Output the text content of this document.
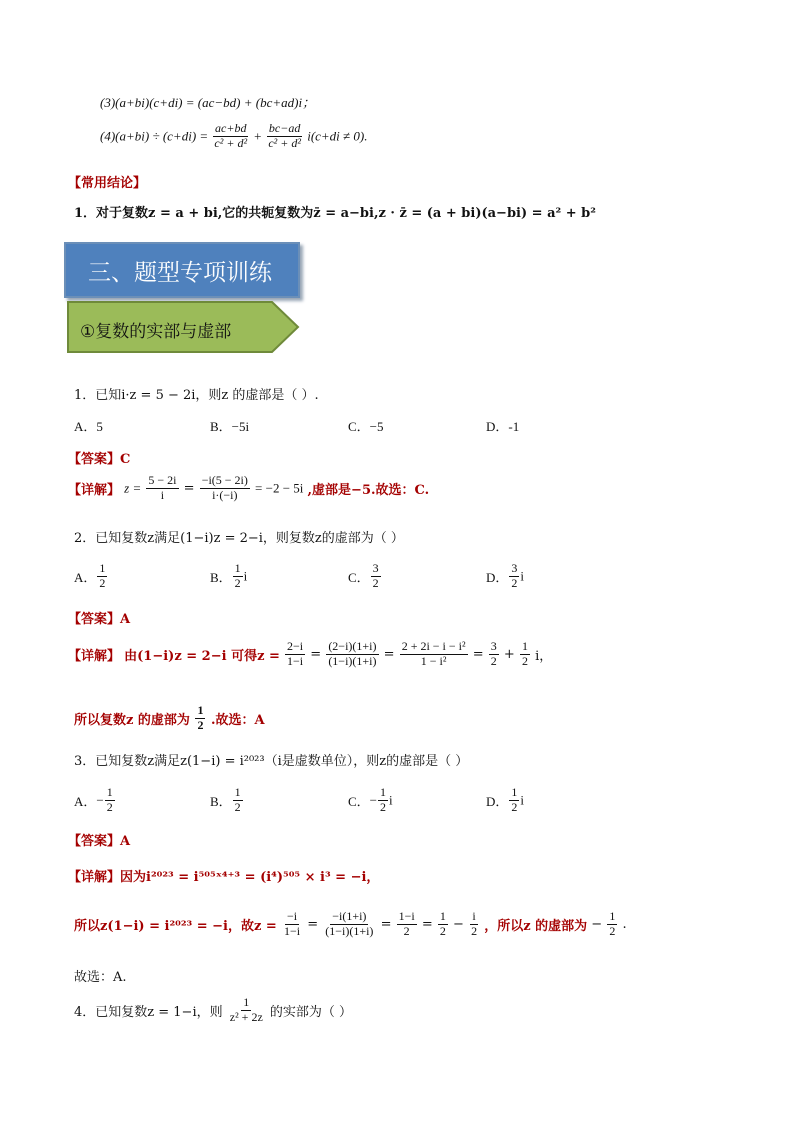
(3)(a+bi)(c+di) = (ac−bd) + (bc+ad)i；
$(4)(a+bi) \div (c+di) = \frac{ac+bd}{\text{c² + d²}} + \frac{bc-ad}{\text{c² + d²}} i(c+di \ne 0)$.
【常用结论】
1．对于复数z = a + bi,它的共轭复数为z̄ = a−bi,z · z̄ = (a + bi)(a−bi) = a² + b²
三、题型专项训练
①复数的实部与虚部
1．已知i·z = 5 − 2i，则z 的虚部是（ ）.
A．5	B．−5i	C．−5	D．-1
【答案】C
【详解】 $z = \frac{5 - 2i}{i} = \frac{-i(5 - 2i)}{i\cdot(-i)} = -2 - 5i$ ,虚部是−5.故选：C.
2．已知复数z满足(1−i)z = 2−i，则复数z的虚部为（ ）
A． $\frac{1}{2}$	B． $\frac{1}{2}$ i	C． $\frac{3}{2}$	D． $\frac{3}{2}$ i
【答案】A
【详解】 由(1−i)z = 2−i 可得$z = \frac{2-i}{1-i} = \frac{(2-i)(1+i)}{(1-i)(1+i)} = \frac{\text{2 + 2i − i − i²}}{\text{1 − i²}} = \frac{3}{2} + \frac{1}{2}$ i，
所以复数z 的虚部为 $\frac{1}{2}$ .故选：A
3．已知复数z满足z(1−i) = i²⁰²³（i是虚数单位），则z的虚部是（ ）
A．− $\frac{1}{2}$	B． $\frac{1}{2}$	C．− $\frac{1}{2}$ i	D． $\frac{1}{2}$ i
【答案】A
【详解】因为i²⁰²³ = i⁵⁰⁵ˣ⁴⁺³ = (i⁴)⁵⁰⁵ × i³ = −i，
所以z(1−i) = i²⁰²³ = −i，故$z = \frac{-i}{1-i} = \frac{-i(1+i)}{(1-i)(1+i)} = \frac{1-i}{2} = \frac{1}{2} - \frac{i}{2}$ ，所以z 的虚部为 − $\frac{1}{2}$ .
故选：A.
4．已知复数z = 1−i，则 $\frac{1}{\text{z² + 2z}}$ 的实部为（ ）
